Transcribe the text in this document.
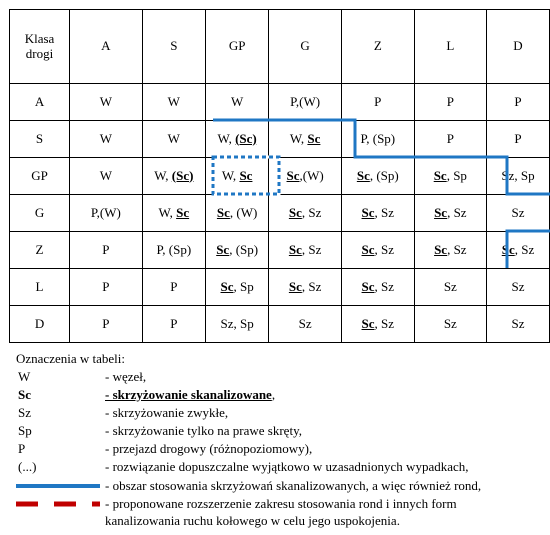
Klasa
drogi	A	S	GP	G	Z	L	D
A	W	W	W	P,(W)	P	P	P
S	W	W	W, (Sc)	W, Sc	P, (Sp)	P	P
GP	W	W, (Sc)	W, Sc	Sc,(W)	Sc, (Sp)	Sc, Sp	Sz, Sp
G	P,(W)	W, Sc	Sc, (W)	Sc, Sz	Sc, Sz	Sc, Sz	Sz
Z	P	P, (Sp)	Sc, (Sp)	Sc, Sz	Sc, Sz	Sc, Sz	Sc, Sz
L	P	P	Sc, Sp	Sc, Sz	Sc, Sz	Sz	Sz
D	P	P	Sz, Sp	Sz	Sc, Sz	Sz	Sz
Oznaczenia w tabeli:
W	- węzeł,
Sc	- skrzyżowanie skanalizowane,
Sz	- skrzyżowanie zwykłe,
Sp	- skrzyżowanie tylko na prawe skręty,
P	- przejazd drogowy (różnopoziomowy),
(...)	- rozwiązanie dopuszczalne wyjątkowo w uzasadnionych wypadkach,
- obszar stosowania skrzyżowań skanalizowanych, a więc również rond,
- proponowane rozszerzenie zakresu stosowania rond i innych form
kanalizowania ruchu kołowego w celu jego uspokojenia.
